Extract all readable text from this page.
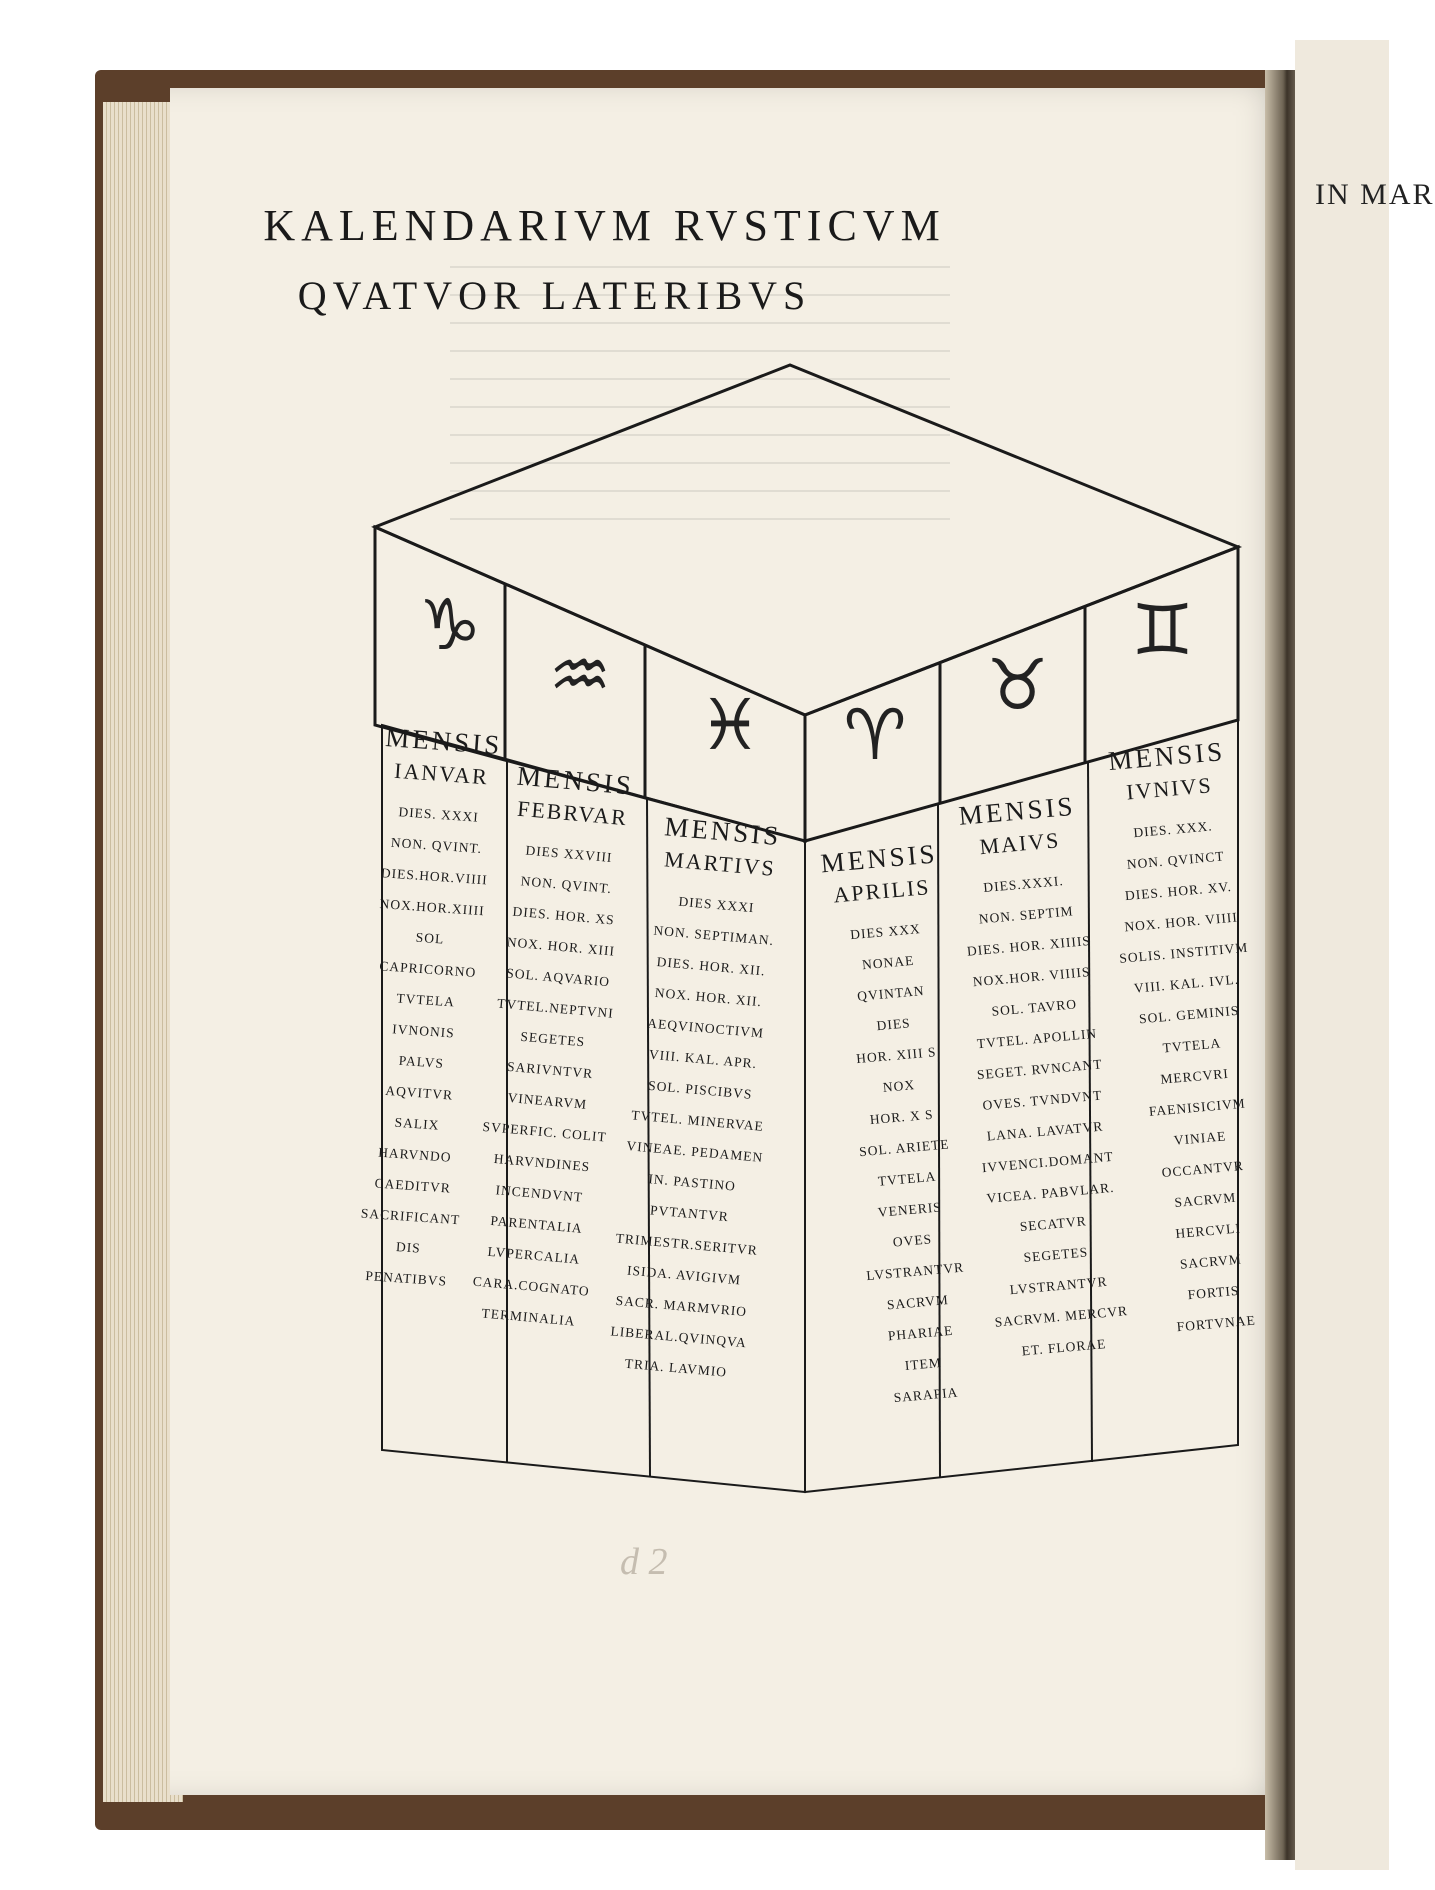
IN MAR
KALENDARIVM RVSTICVM
QVATVOR LATERIBVS
♑
♒
♓	♈
♉
♊
MENSIS
IANVAR
DIES. XXXI
NON. QVINT.
DIES.HOR.VIIII
NOX.HOR.XIIII
SOL
CAPRICORNO
TVTELA
IVNONIS
PALVS
AQVITVR
SALIX
HARVNDO
CAEDITVR
SACRIFICANT
DIS
PENATIBVS
MENSIS
FEBRVAR
DIES XXVIII
NON. QVINT.
DIES. HOR. XS
NOX. HOR. XIII
SOL. AQVARIO
TVTEL.NEPTVNI
SEGETES
SARIVNTVR
VINEARVM
SVPERFIC. COLIT
HARVNDINES
INCENDVNT
PARENTALIA
LVPERCALIA
CARA.COGNATO
TERMINALIA
MENSIS
MARTIVS
DIES XXXI
NON. SEPTIMAN.
DIES. HOR. XII.
NOX. HOR. XII.
AEQVINOCTIVM
VIII. KAL. APR.
SOL. PISCIBVS
TVTEL. MINERVAE
VINEAE. PEDAMEN
IN. PASTINO
PVTANTVR
TRIMESTR.SERITVR
ISIDA. AVIGIVM
SACR. MARMVRIO
LIBERAL.QVINQVA
TRIA. LAVMIO
MENSIS
APRILIS
DIES XXX
NONAE
QVINTAN
DIES
HOR. XIII S
NOX
HOR. X S
SOL. ARIETE
TVTELA
VENERIS
OVES
LVSTRANTVR
SACRVM
PHARIAE
ITEM
SARAPIA
MENSIS
MAIVS
DIES.XXXI.
NON. SEPTIM
DIES. HOR. XIIIIS
NOX.HOR. VIIIIS
SOL. TAVRO
TVTEL. APOLLIN
SEGET. RVNCANT
OVES. TVNDVNT
LANA. LAVATVR
IVVENCI.DOMANT
VICEA. PABVLAR.
SECATVR
SEGETES
LVSTRANTVR
SACRVM. MERCVR
ET. FLORAE
MENSIS
IVNIVS
DIES. XXX.
NON. QVINCT
DIES. HOR. XV.
NOX. HOR. VIIII
SOLIS. INSTITIVM
VIII. KAL. IVL.
SOL. GEMINIS
TVTELA
MERCVRI
FAENISICIVM
VINIAE
OCCANTVR
SACRVM
HERCVLI
SACRVM
FORTIS
FORTVNAE
d 2
